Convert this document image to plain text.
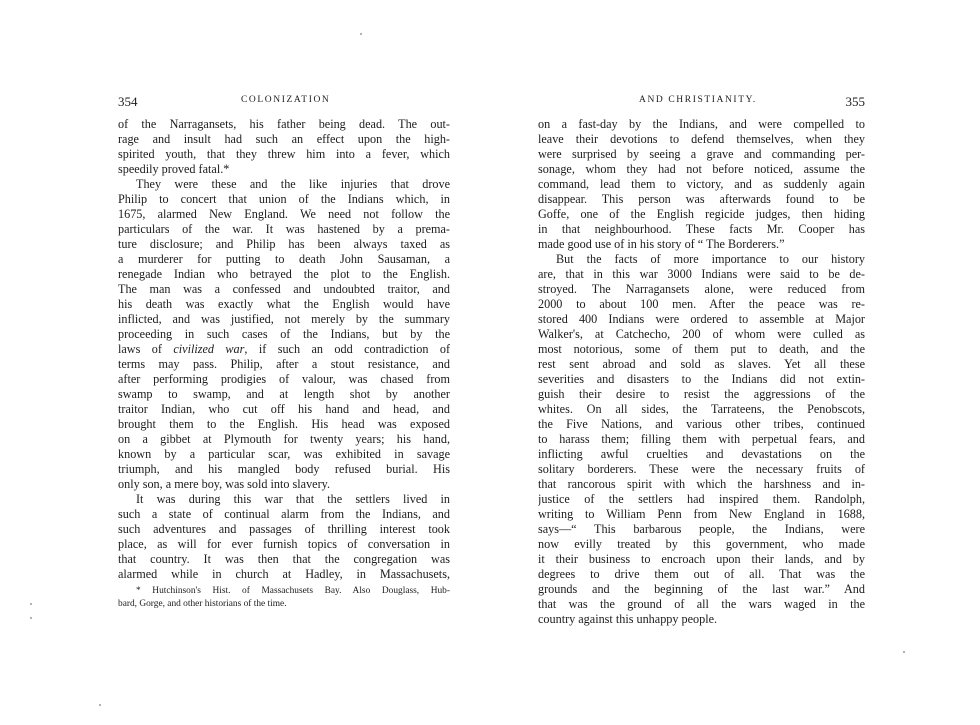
354	COLONIZATION
of the Narragansets, his father being dead. The out-
rage and insult had such an effect upon the high-
spirited youth, that they threw him into a fever, which
speedily proved fatal.*
They were these and the like injuries that drove
Philip to concert that union of the Indians which, in
1675, alarmed New England. We need not follow the
particulars of the war. It was hastened by a prema-
ture disclosure; and Philip has been always taxed as
a murderer for putting to death John Sausaman, a
renegade Indian who betrayed the plot to the English.
The man was a confessed and undoubted traitor, and
his death was exactly what the English would have
inflicted, and was justified, not merely by the summary
proceeding in such cases of the Indians, but by the
laws of civilized war, if such an odd contradiction of
terms may pass. Philip, after a stout resistance, and
after performing prodigies of valour, was chased from
swamp to swamp, and at length shot by another
traitor Indian, who cut off his hand and head, and
brought them to the English. His head was exposed
on a gibbet at Plymouth for twenty years; his hand,
known by a particular scar, was exhibited in savage
triumph, and his mangled body refused burial. His
only son, a mere boy, was sold into slavery.
It was during this war that the settlers lived in
such a state of continual alarm from the Indians, and
such adventures and passages of thrilling interest took
place, as will for ever furnish topics of conversation in
that country. It was then that the congregation was
alarmed while in church at Hadley, in Massachusets,
* Hutchinson's Hist. of Massachusets Bay. Also Douglass, Hub-
bard, Gorge, and other historians of the time.
AND CHRISTIANITY.	355
on a fast-day by the Indians, and were compelled to
leave their devotions to defend themselves, when they
were surprised by seeing a grave and commanding per-
sonage, whom they had not before noticed, assume the
command, lead them to victory, and as suddenly again
disappear. This person was afterwards found to be
Goffe, one of the English regicide judges, then hiding
in that neighbourhood. These facts Mr. Cooper has
made good use of in his story of “ The Borderers.”
But the facts of more importance to our history
are, that in this war 3000 Indians were said to be de-
stroyed. The Narragansets alone, were reduced from
2000 to about 100 men. After the peace was re-
stored 400 Indians were ordered to assemble at Major
Walker's, at Catchecho, 200 of whom were culled as
most notorious, some of them put to death, and the
rest sent abroad and sold as slaves. Yet all these
severities and disasters to the Indians did not extin-
guish their desire to resist the aggressions of the
whites. On all sides, the Tarrateens, the Penobscots,
the Five Nations, and various other tribes, continued
to harass them; filling them with perpetual fears, and
inflicting awful cruelties and devastations on the
solitary borderers. These were the necessary fruits of
that rancorous spirit with which the harshness and in-
justice of the settlers had inspired them. Randolph,
writing to William Penn from New England in 1688,
says—“ This barbarous people, the Indians, were
now evilly treated by this government, who made
it their business to encroach upon their lands, and by
degrees to drive them out of all. That was the
grounds and the beginning of the last war.” And
that was the ground of all the wars waged in the
country against this unhappy people.
